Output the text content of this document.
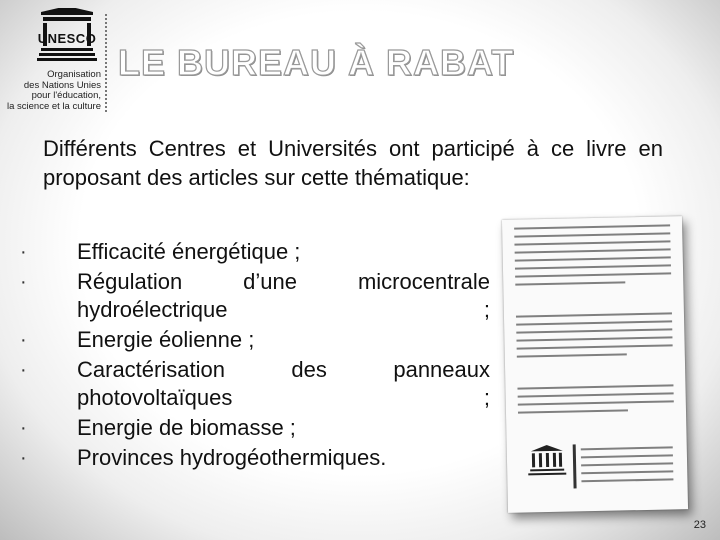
UNESCO
Organisation
des Nations Unies
pour l'éducation,
la science et la culture
LE BUREAU À RABAT

Différents Centres et Universités ont participé à ce livre en proposant des articles sur cette thématique:

· Efficacité énergétique ;
· Régulation d’une microcentrale hydroélectrique ;
· Energie éolienne ;
· Caractérisation des panneaux photovoltaïques ;
· Energie de biomasse ;
· Provinces hydrogéothermiques.
23
